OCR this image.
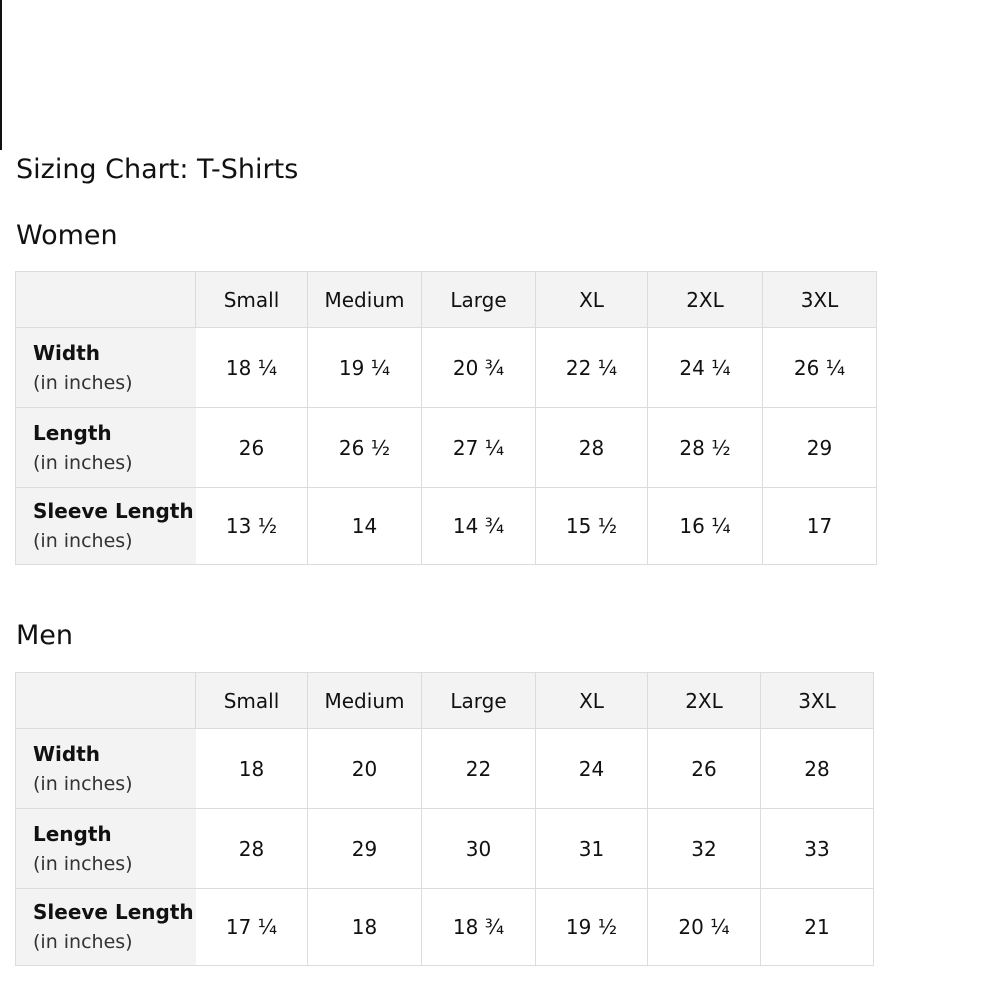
Sizing Chart: T-Shirts
Women
	Small	Medium	Large	XL	2XL	3XL

Width
(in inches)	18 ¼	19 ¼	20 ¾	22 ¼	24 ¼	26 ¼

Length
(in inches)	26	26 ½	27 ¼	28	28 ½	29

Sleeve Length
(in inches)	13 ½	14	14 ¾	15 ½	16 ¼	17
Men
	Small	Medium	Large	XL	2XL	3XL

Width
(in inches)	18	20	22	24	26	28

Length
(in inches)	28	29	30	31	32	33

Sleeve Length
(in inches)	17 ¼	18	18 ¾	19 ½	20 ¼	21
